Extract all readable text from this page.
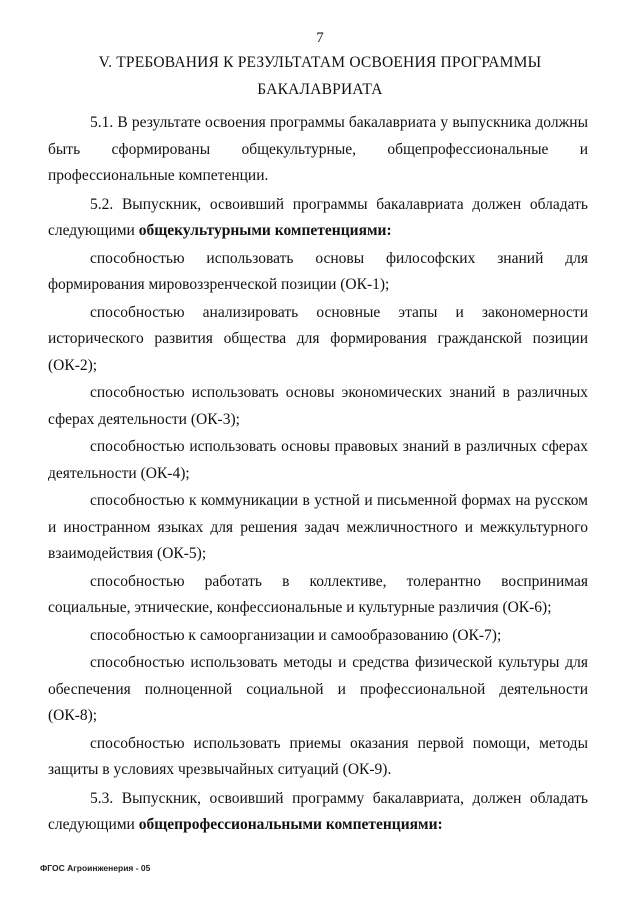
7
V. ТРЕБОВАНИЯ К РЕЗУЛЬТАТАМ ОСВОЕНИЯ ПРОГРАММЫ
БАКАЛАВРИАТА

5.1. В результате освоения программы бакалавриата у выпускника должны быть сформированы общекультурные, общепрофессиональные и профессиональные компетенции.

5.2. Выпускник, освоивший программы бакалавриата должен обладать следующими общекультурными компетенциями:

способностью использовать основы философских знаний для формирования мировоззренческой позиции (ОК-1);

способностью анализировать основные этапы и закономерности исторического развития общества для формирования гражданской позиции (ОК-2);

способностью использовать основы экономических знаний в различных сферах деятельности (ОК-3);

способностью использовать основы правовых знаний в различных сферах деятельности (ОК-4);

способностью к коммуникации в устной и письменной формах на русском и иностранном языках для решения задач межличностного и межкультурного взаимодействия (ОК-5);

способностью работать в коллективе, толерантно воспринимая социальные, этнические, конфессиональные и культурные различия (ОК-6);

способностью к самоорганизации и самообразованию (ОК-7);

способностью использовать методы и средства физической культуры для обеспечения полноценной социальной и профессиональной деятельности (ОК-8);

способностью использовать приемы оказания первой помощи, методы защиты в условиях чрезвычайных ситуаций (ОК-9).

5.3. Выпускник, освоивший программу бакалавриата, должен обладать следующими общепрофессиональными компетенциями:

ФГОС Агроинженерия - 05
